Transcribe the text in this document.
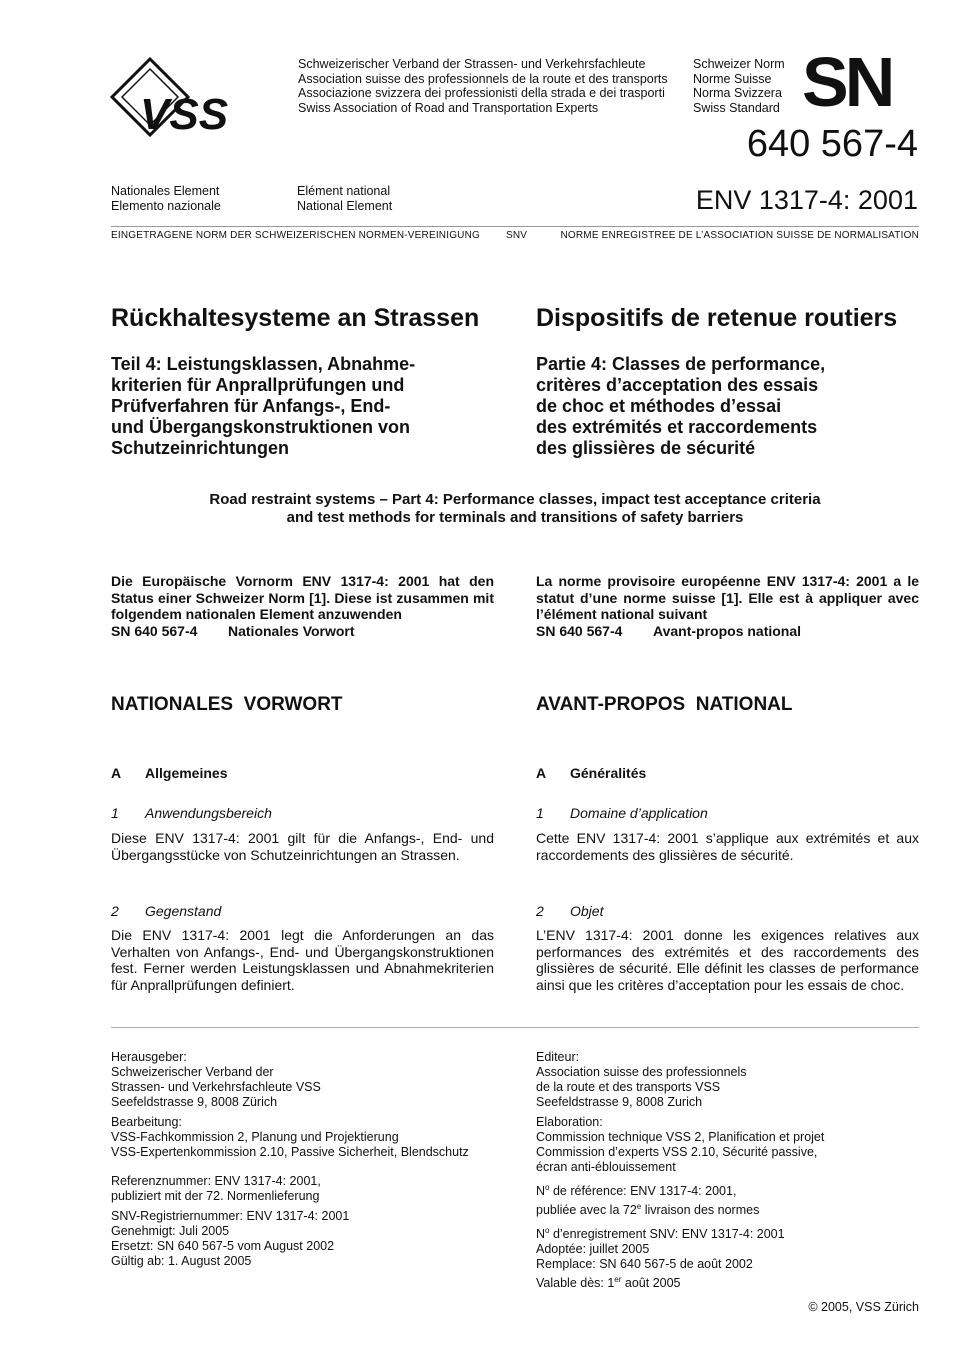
VSS
Schweizerischer Verband der Strassen- und Verkehrsfachleute
Association suisse des professionnels de la route et des transports
Associazione svizzera dei professionisti della strada e dei trasporti
Swiss Association of Road and Transportation Experts
Schweizer Norm
Norme Suisse
Norma Svizzera
Swiss Standard SN
640 567-4
Nationales Element
Elemento nazionale
Elément national
National Element	ENV 1317-4: 2001
EINGETRAGENE NORM DER SCHWEIZERISCHEN NORMEN-VEREINIGUNG	SNV	NORME ENREGISTREE DE L’ASSOCIATION SUISSE DE NORMALISATION
Rückhaltesysteme an Strassen Dispositifs de retenue routiers
Teil 4: Leistungsklassen, Abnahme-
kriterien für Anprallprüfungen und
Prüfverfahren für Anfangs-, End-
und Übergangskonstruktionen von
Schutzeinrichtungen
Partie 4: Classes de performance,
critères d’acceptation des essais
de choc et méthodes d’essai
des extrémités et raccordements
des glissières de sécurité
Road restraint systems – Part 4: Performance classes, impact test acceptance criteria
and test methods for terminals and transitions of safety barriers
Die Europäische Vornorm ENV 1317-4: 2001 hat den Status einer Schweizer Norm [1]. Diese ist zusammen mit folgendem nationalen Element anzuwenden
SN 640 567-4 Nationales Vorwort
La norme provisoire européenne ENV 1317-4: 2001 a le statut d’une norme suisse [1]. Elle est à appliquer avec l’élément national suivant
SN 640 567-4 Avant-propos national
NATIONALES  VORWORT	AVANT-PROPOS  NATIONAL
A Allgemeines	A Généralités
1 Anwendungsbereich	1 Domaine d’application
Diese ENV 1317-4: 2001 gilt für die Anfangs-, End- und Übergangsstücke von Schutzeinrichtungen an Strassen.
Cette ENV 1317-4: 2001 s’applique aux extrémités et aux raccordements des glissières de sécurité.
2 Gegenstand	2 Objet
Die ENV 1317-4: 2001 legt die Anforderungen an das Verhalten von Anfangs-, End- und Übergangskonstruktionen fest. Ferner werden Leistungsklassen und Abnahmekriterien für Anprallprüfungen definiert.
L’ENV 1317-4: 2001 donne les exigences relatives aux performances des extrémités et des raccordements des glissières de sécurité. Elle définit les classes de performance ainsi que les critères d’acceptation pour les essais de choc.

Herausgeber:

Schweizerischer Verband der

Strassen- und Verkehrsfachleute VSS

Seefeldstrasse 9, 8008 Zürich

Bearbeitung:

VSS-Fachkommission 2, Planung und Projektierung

VSS-Expertenkommission 2.10, Passive Sicherheit, Blendschutz

Referenznummer: ENV 1317-4: 2001,

publiziert mit der 72. Normenlieferung

SNV-Registriernummer: ENV 1317-4: 2001

Genehmigt: Juli 2005

Ersetzt: SN 640 567-5 vom August 2002

Gültig ab: 1. August 2005

Editeur:

Association suisse des professionnels

de la route et des transports VSS

Seefeldstrasse 9, 8008 Zurich

Elaboration:

Commission technique VSS 2, Planification et projet

Commission d’experts VSS 2.10, Sécurité passive,

écran anti-éblouissement

$N^o$ de référence: ENV 1317-4: 2001,

publiée avec la 72e livraison des normes

$N^o$ d’enregistrement SNV: ENV 1317-4: 2001

Adoptée: juillet 2005

Remplace: SN 640 567-5 de août 2002

Valable dès: 1er août 2005

© 2005, VSS Zürich
